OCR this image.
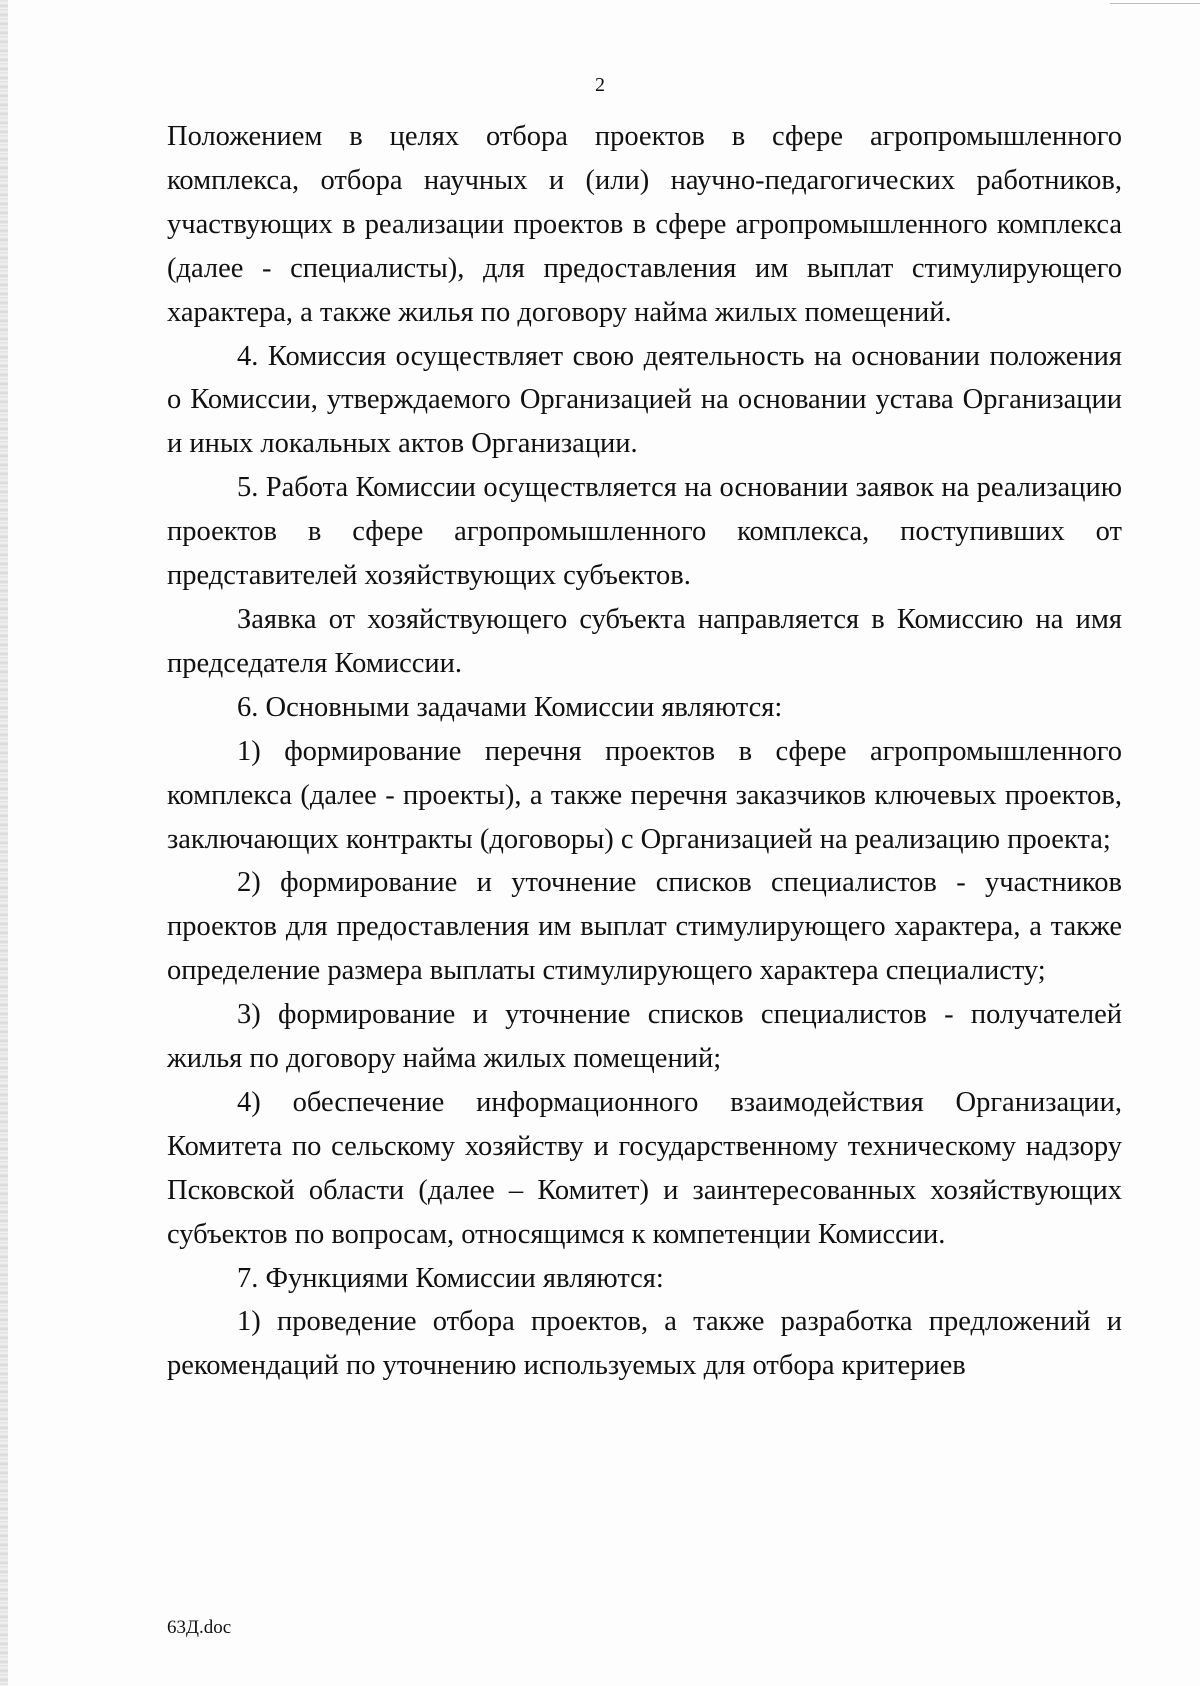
2

Положением в целях отбора проектов в сфере агропромышленного комплекса, отбора научных и (или) научно-педагогических работников, участвующих в реализации проектов в сфере агропромышленного комплекса (далее - специалисты), для предоставления им выплат стимулирующего характера, а также жилья по договору найма жилых помещений.

4. Комиссия осуществляет свою деятельность на основании положения о Комиссии, утверждаемого Организацией на основании устава Организации и иных локальных актов Организации.

5. Работа Комиссии осуществляется на основании заявок на реализацию проектов в сфере агропромышленного комплекса, поступивших от представителей хозяйствующих субъектов.

Заявка от хозяйствующего субъекта направляется в Комиссию на имя председателя Комиссии.

6. Основными задачами Комиссии являются:

1) формирование перечня проектов в сфере агропромышленного комплекса (далее - проекты), а также перечня заказчиков ключевых проектов, заключающих контракты (договоры) с Организацией на реализацию проекта;

2) формирование и уточнение списков специалистов - участников проектов для предоставления им выплат стимулирующего характера, а также определение размера выплаты стимулирующего характера специалисту;

3) формирование и уточнение списков специалистов - получателей жилья по договору найма жилых помещений;

4) обеспечение информационного взаимодействия Организации, Комитета по сельскому хозяйству и государственному техническому надзору Псковской области (далее – Комитет) и заинтересованных хозяйствующих субъектов по вопросам, относящимся к компетенции Комиссии.

7. Функциями Комиссии являются:

1) проведение отбора проектов, а также разработка предложений и рекомендаций по уточнению используемых для отбора критериев

63Д.doc
